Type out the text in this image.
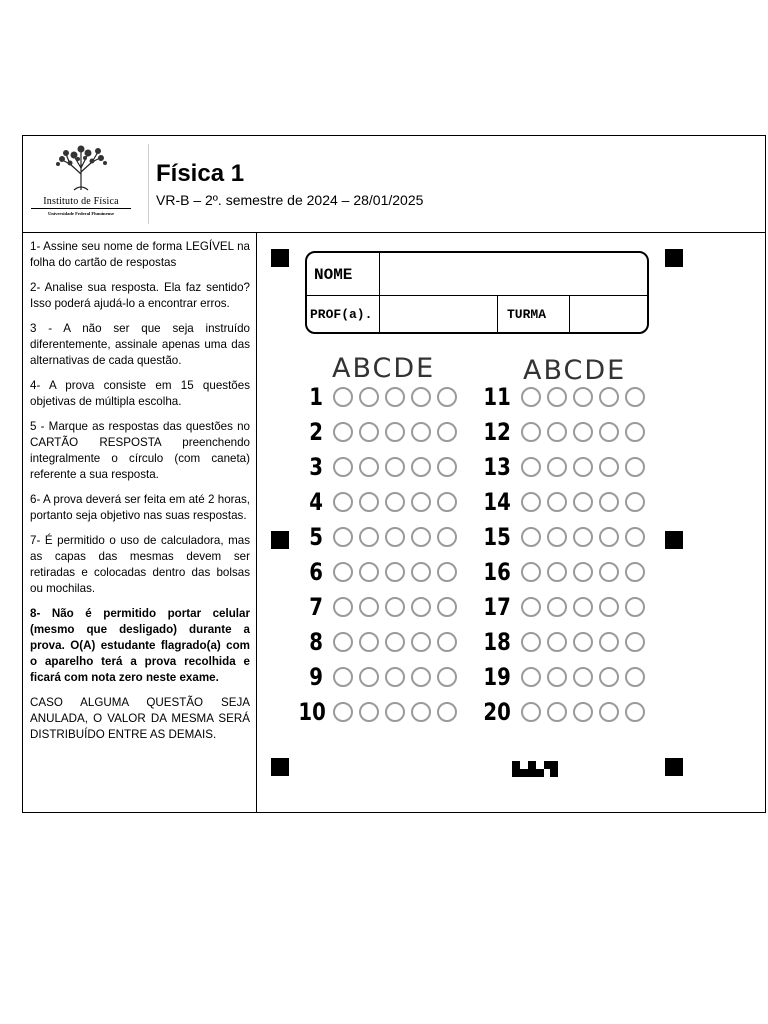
Instituto de Física
Universidade Federal Fluminense
Física 1
VR-B – 2º. semestre de 2024 – 28/01/2025

1- Assine seu nome de forma LEGÍVEL na folha do cartão de respostas

2- Analise sua resposta. Ela faz sentido? Isso poderá ajudá-lo a encontrar erros.

3 - A não ser que seja instruído diferentemente, assinale apenas uma das alternativas de cada questão.

4- A prova consiste em 15 questões objetivas de múltipla escolha.

5 - Marque as respostas das questões no CARTÃO RESPOSTA preenchendo integralmente o círculo (com caneta) referente a sua resposta.

6- A prova deverá ser feita em até 2 horas, portanto seja objetivo nas suas respostas.

7- É permitido o uso de calculadora, mas as capas das mesmas devem ser retiradas e colocadas dentro das bolsas ou mochilas.

8- Não é permitido portar celular (mesmo que desligado) durante a prova. O(A) estudante flagrado(a) com o aparelho terá a prova recolhida e ficará com nota zero neste exame.

CASO ALGUMA QUESTÃO SEJA ANULADA, O VALOR DA MESMA SERÁ DISTRIBUÍDO ENTRE AS DEMAIS.

NOME
PROF(a).	TURMA
ABCDE	ABCDE
1
2
3
4
5
6
7
8
9
10
11
12
13
14
15
16
17
18
19
20
